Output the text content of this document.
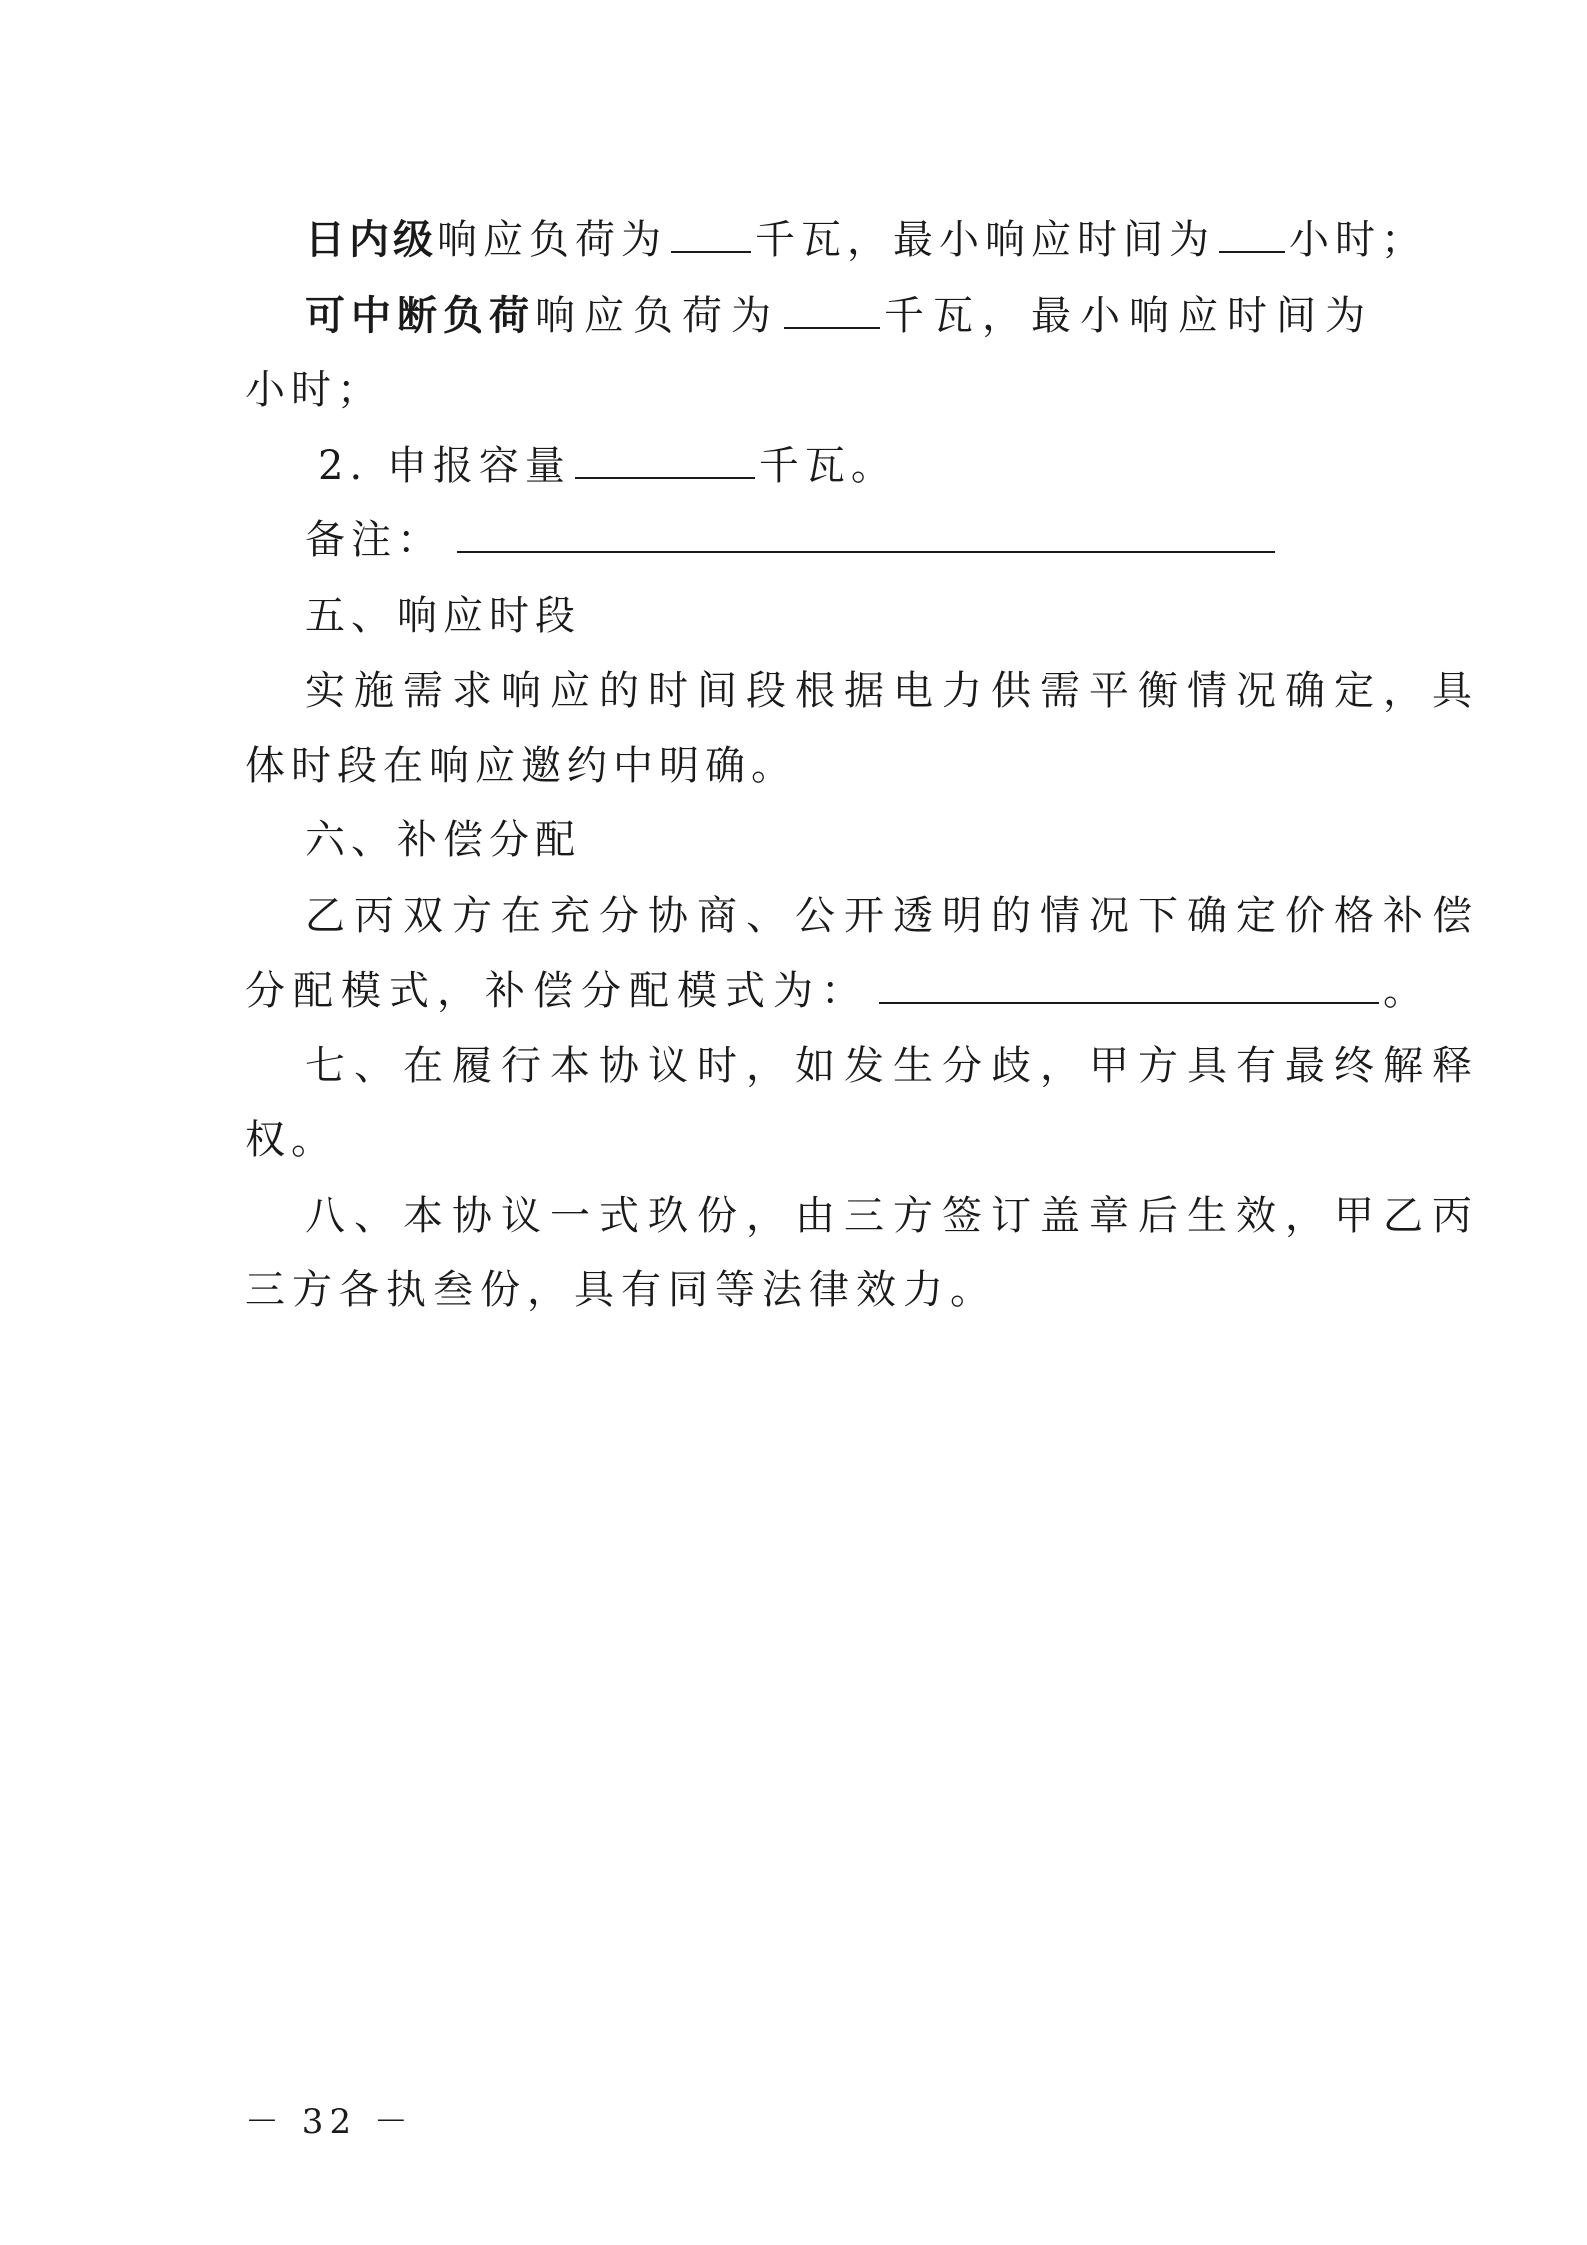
日内级响应负荷为 千瓦，最小响应时间为 小时；
可中断负荷响应负荷为	千瓦，最小响应时间为
小时；
2. 申报容量	千瓦。
备注：
五、响应时段
实施需求响应的时间段根据电力供需平衡情况确定，具
体时段在响应邀约中明确。
六、补偿分配
乙丙双方在充分协商、公开透明的情况下确定价格补偿
分配模式，补偿分配模式为：	。
七、在履行本协议时，如发生分歧，甲方具有最终解释
权。
八、本协议一式玖份，由三方签订盖章后生效，甲乙丙
三方各执叁份，具有同等法律效力。
－ 32 －
